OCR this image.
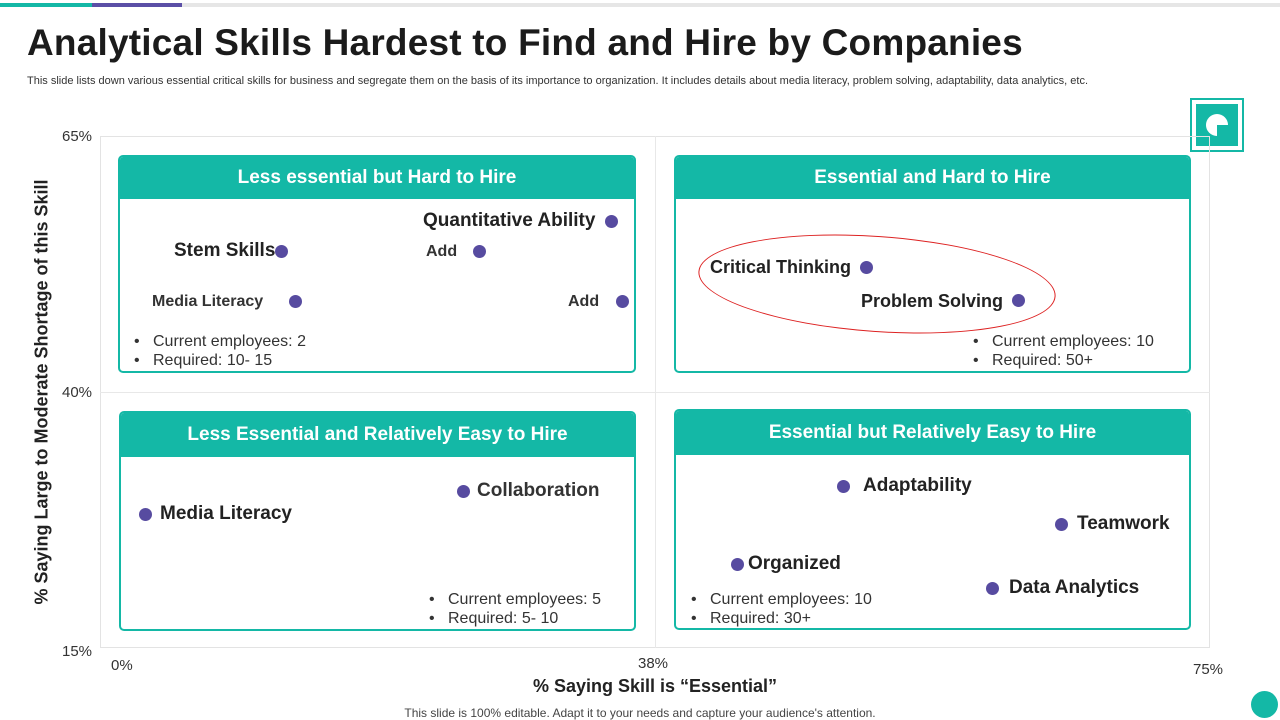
Analytical Skills Hardest to Find and Hire by Companies
This slide lists down various essential critical skills for business and segregate them on the basis of its importance to organization. It includes details about media literacy, problem solving, adaptability, data analytics, etc.
65%
40%
15%
0%	38%	75%
% Saying Large to Moderate Shortage of this Skill
% Saying Skill is “Essential”
Less essential but Hard to Hire
Quantitative Ability
Stem Skills	Add
Media Literacy	Add
• Current employees: 2
• Required: 10- 15
Essential and Hard to Hire
Critical Thinking
Problem Solving
• Current employees: 10
• Required: 50+
Less Essential and Relatively Easy to Hire
Collaboration
Media Literacy
• Current employees: 5
• Required: 5- 10
Essential but Relatively Easy to Hire
Adaptability
Teamwork
Organized
Data Analytics
• Current employees: 10
• Required: 30+
This slide is 100% editable. Adapt it to your needs and capture your audience's attention.
